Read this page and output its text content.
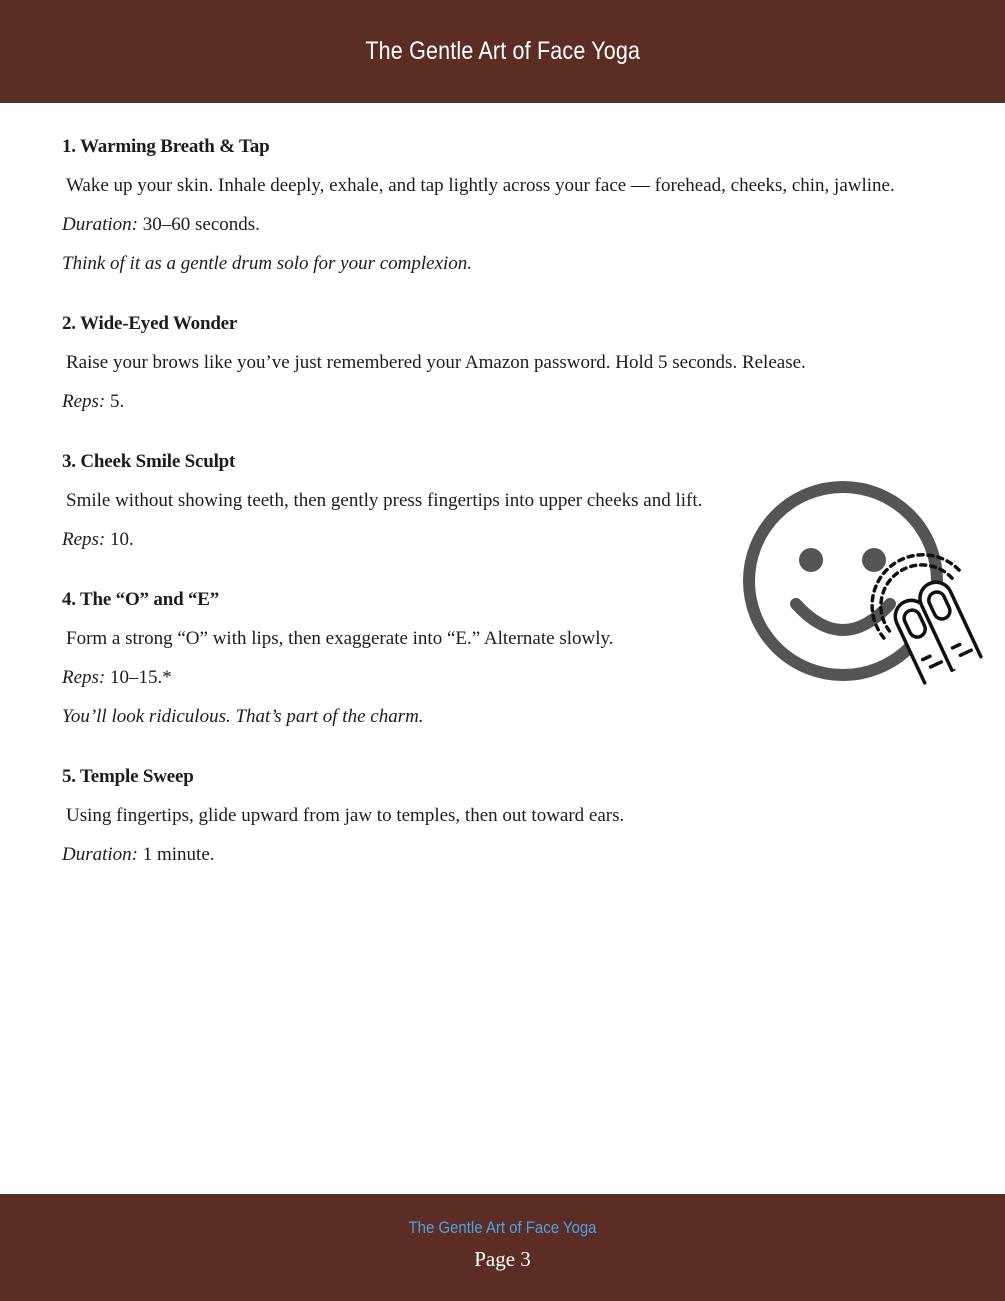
The Gentle Art of Face Yoga
1. Warming Breath & Tap
Wake up your skin. Inhale deeply, exhale, and tap lightly across your face — forehead, cheeks, chin, jawline.
Duration: 30–60 seconds.
Think of it as a gentle drum solo for your complexion.
2. Wide-Eyed Wonder
Raise your brows like you’ve just remembered your Amazon password. Hold 5 seconds. Release.
Reps: 5.
3. Cheek Smile Sculpt
Smile without showing teeth, then gently press fingertips into upper cheeks and lift.
Reps: 10.
4. The “O” and “E”
Form a strong “O” with lips, then exaggerate into “E.” Alternate slowly.
Reps: 10–15.*
You’ll look ridiculous. That’s part of the charm.
5. Temple Sweep
Using fingertips, glide upward from jaw to temples, then out toward ears.
Duration: 1 minute.
The Gentle Art of Face Yoga
Page 3
